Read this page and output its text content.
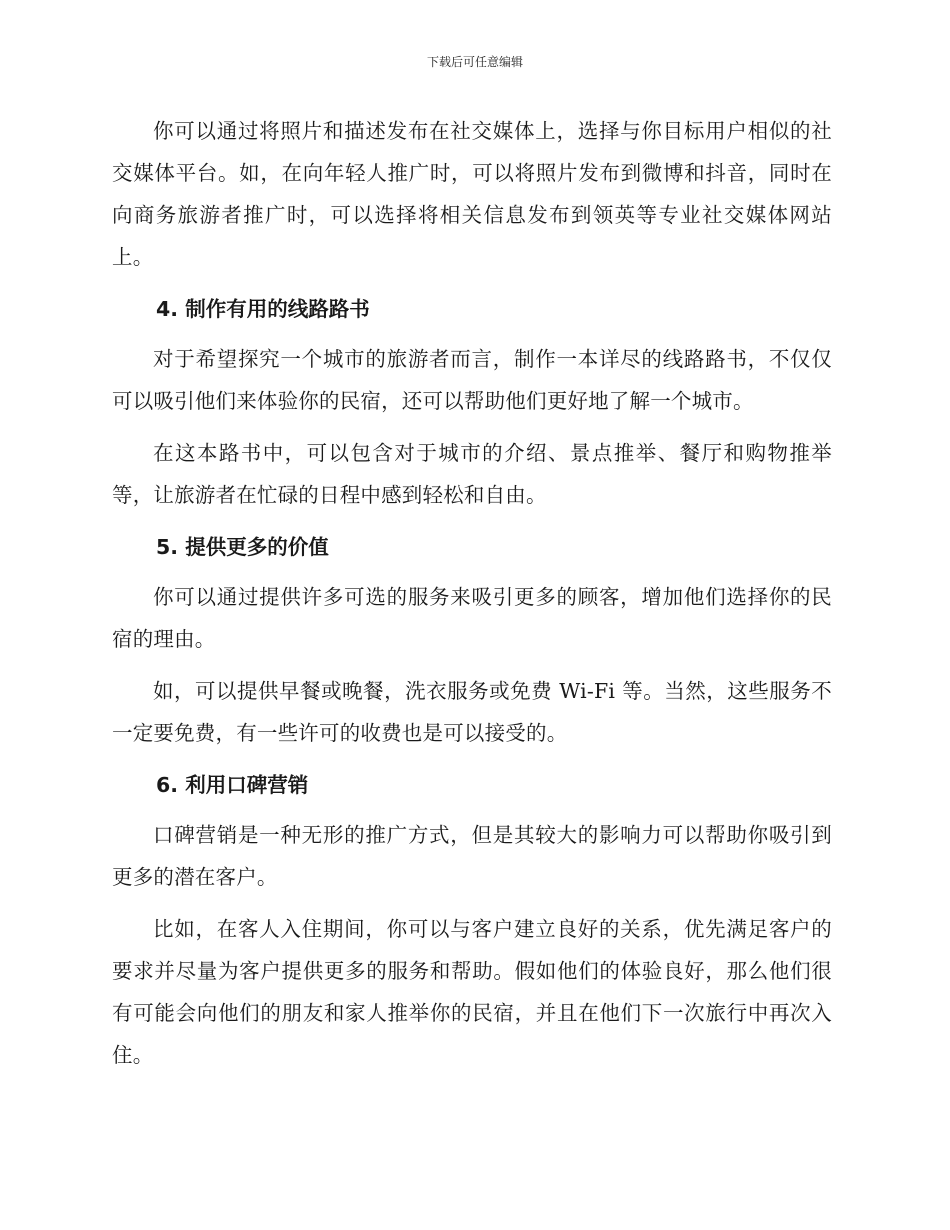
下载后可任意编辑

你可以通过将照片和描述发布在社交媒体上，选择与你目标用户相似的社交媒体平台。如，在向年轻人推广时，可以将照片发布到微博和抖音，同时在向商务旅游者推广时，可以选择将相关信息发布到领英等专业社交媒体网站上。

4. 制作有用的线路路书

对于希望探究一个城市的旅游者而言，制作一本详尽的线路路书，不仅仅可以吸引他们来体验你的民宿，还可以帮助他们更好地了解一个城市。

在这本路书中，可以包含对于城市的介绍、景点推举、餐厅和购物推举等，让旅游者在忙碌的日程中感到轻松和自由。

5. 提供更多的价值

你可以通过提供许多可选的服务来吸引更多的顾客，增加他们选择你的民宿的理由。

如，可以提供早餐或晚餐，洗衣服务或免费 Wi-Fi 等。当然，这些服务不一定要免费，有一些许可的收费也是可以接受的。

6. 利用口碑营销

口碑营销是一种无形的推广方式，但是其较大的影响力可以帮助你吸引到更多的潜在客户。

比如，在客人入住期间，你可以与客户建立良好的关系，优先满足客户的要求并尽量为客户提供更多的服务和帮助。假如他们的体验良好，那么他们很有可能会向他们的朋友和家人推举你的民宿，并且在他们下一次旅行中再次入住。
